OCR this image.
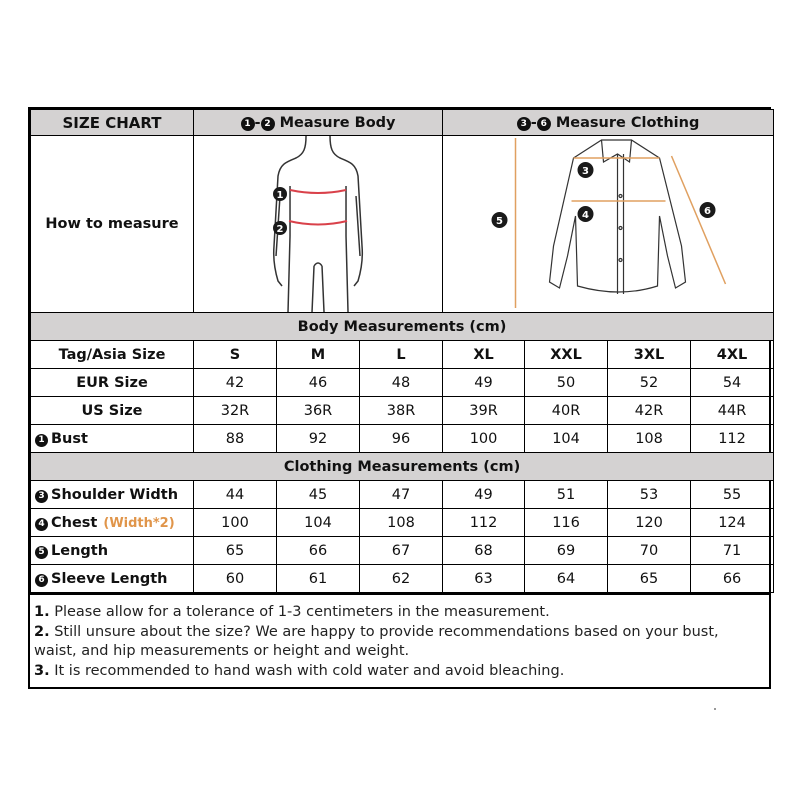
SIZE CHART	1 - 2 Measure Body			3 - 6 Measure Clothing			
How to measure	1
2			3
4
5
6			

Body Measurements (cm)							
Tag/Asia Size	S	M	L	XL	XXL	3XL	4XL
EUR Size	42	46	48	49	50	52	54
US Size	32R	36R	38R	39R	40R	42R	44R
1 Bust	88	92	96	100	104	108	112
Clothing Measurements (cm)							
3 Shoulder Width	44	45	47	49	51	53	55
4 Chest (Width*2)	100	104	108	112	116	120	124
5 Length	65	66	67	68	69	70	71
6 Sleeve Length	60	61	62	63	64	65	66
1. Please allow for a tolerance of 1-3 centimeters in the measurement.
2. Still unsure about the size? We are happy to provide recommendations based on your bust, waist, and hip measurements or height and weight.
3. It is recommended to hand wash with cold water and avoid bleaching.
